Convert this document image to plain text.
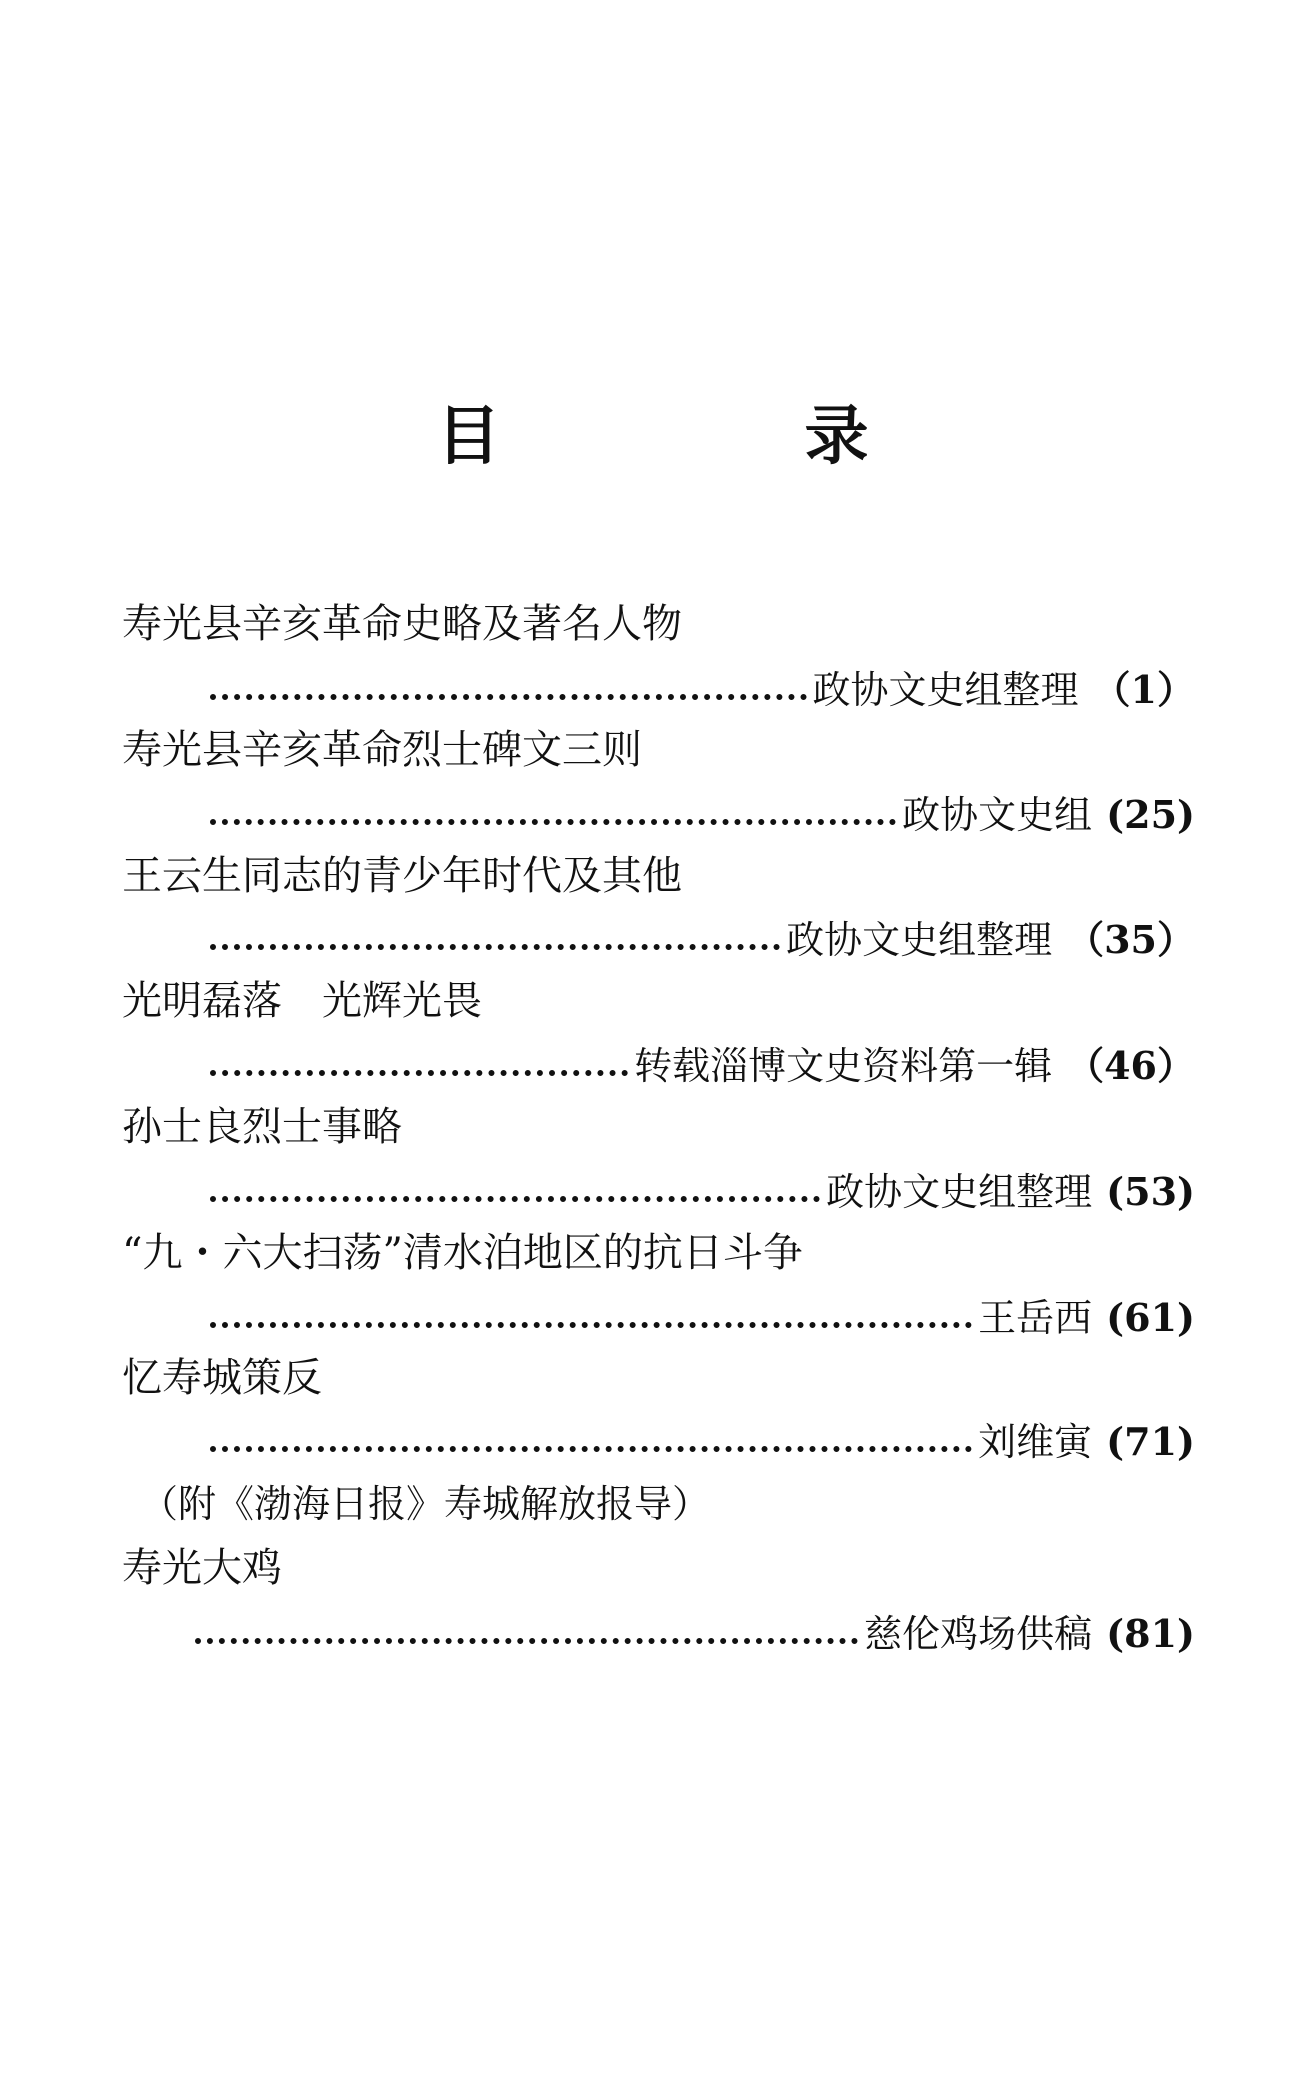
目　录
寿光县辛亥革命史略及著名人物
政协文史组整理 （1）
寿光县辛亥革命烈士碑文三则
政协文史组 (25)
王云生同志的青少年时代及其他
政协文史组整理 （35）
光明磊落　光辉光畏
转载淄博文史资料第一辑 （46）
孙士良烈士事略
政协文史组整理 (53)
“九・六大扫荡”清水泊地区的抗日斗争
王岳西 (61)
忆寿城策反
刘维寅 (71)
（附《渤海日报》寿城解放报导）
寿光大鸡
慈伦鸡场供稿 (81)
